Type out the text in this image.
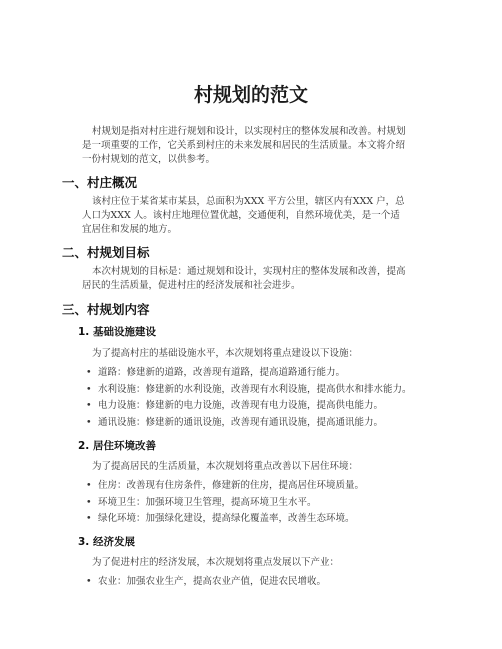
村规划的范文

村规划是指对村庄进行规划和设计，以实现村庄的整体发展和改善。村规划
是一项重要的工作，它关系到村庄的未来发展和居民的生活质量。本文将介绍
一份村规划的范文，以供参考。

一、村庄概况

该村庄位于某省某市某县，总面积为XXX 平方公里，辖区内有XXX 户，总
人口为XXX 人。该村庄地理位置优越，交通便利，自然环境优美，是一个适
宜居住和发展的地方。

二、村规划目标

本次村规划的目标是：通过规划和设计，实现村庄的整体发展和改善，提高
居民的生活质量，促进村庄的经济发展和社会进步。

三、村规划内容
1. 基础设施建设

为了提高村庄的基础设施水平，本次规划将重点建设以下设施：

• 道路：修建新的道路，改善现有道路，提高道路通行能力。
• 水利设施：修建新的水利设施，改善现有水利设施，提高供水和排水能力。
• 电力设施：修建新的电力设施，改善现有电力设施，提高供电能力。
• 通讯设施：修建新的通讯设施，改善现有通讯设施，提高通讯能力。
2. 居住环境改善

为了提高居民的生活质量，本次规划将重点改善以下居住环境：

• 住房：改善现有住房条件，修建新的住房，提高居住环境质量。
• 环境卫生：加强环境卫生管理，提高环境卫生水平。
• 绿化环境：加强绿化建设，提高绿化覆盖率，改善生态环境。
3. 经济发展

为了促进村庄的经济发展，本次规划将重点发展以下产业：

• 农业：加强农业生产，提高农业产值，促进农民增收。
